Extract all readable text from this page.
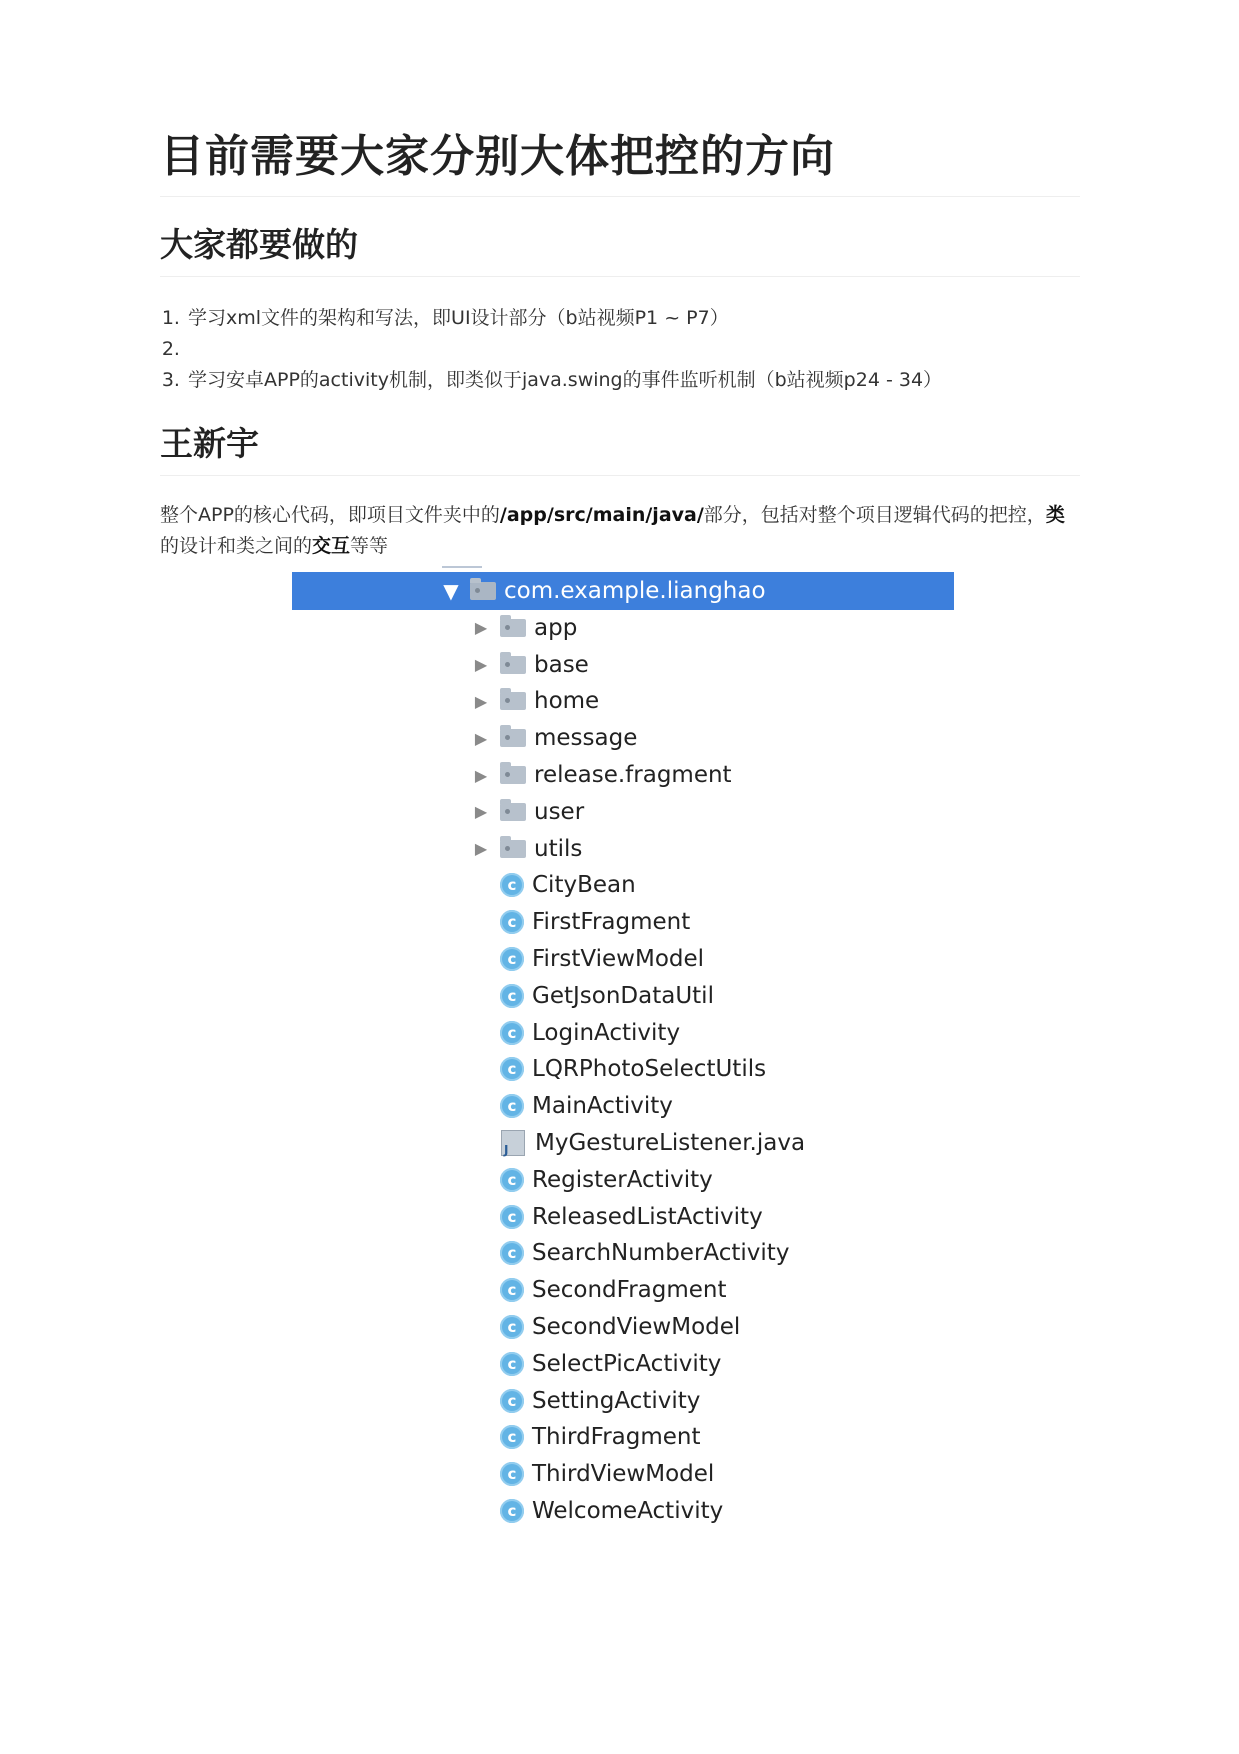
目前需要大家分别大体把控的方向
大家都要做的
1. 学习xml文件的架构和写法，即UI设计部分（b站视频P1 ~ P7）
2.
3. 学习安卓APP的activity机制，即类似于java.swing的事件监听机制（b站视频p24 - 34）
王新宇

整个APP的核心代码，即项目文件夹中的/app/src/main/java/部分，包括对整个项目逻辑代码的把控，类的设计和类之间的交互等等

▼ com.example.lianghao
▶ app
▶ base
▶ home
▶ message
▶ release.fragment
▶ user
▶ utils
c CityBean
c FirstFragment
c FirstViewModel
c GetJsonDataUtil
c LoginActivity
c LQRPhotoSelectUtils
c MainActivity
J
MyGestureListener.java
c RegisterActivity
c ReleasedListActivity
c SearchNumberActivity
c SecondFragment
c SecondViewModel
c SelectPicActivity
c SettingActivity
c ThirdFragment
c ThirdViewModel
c WelcomeActivity
